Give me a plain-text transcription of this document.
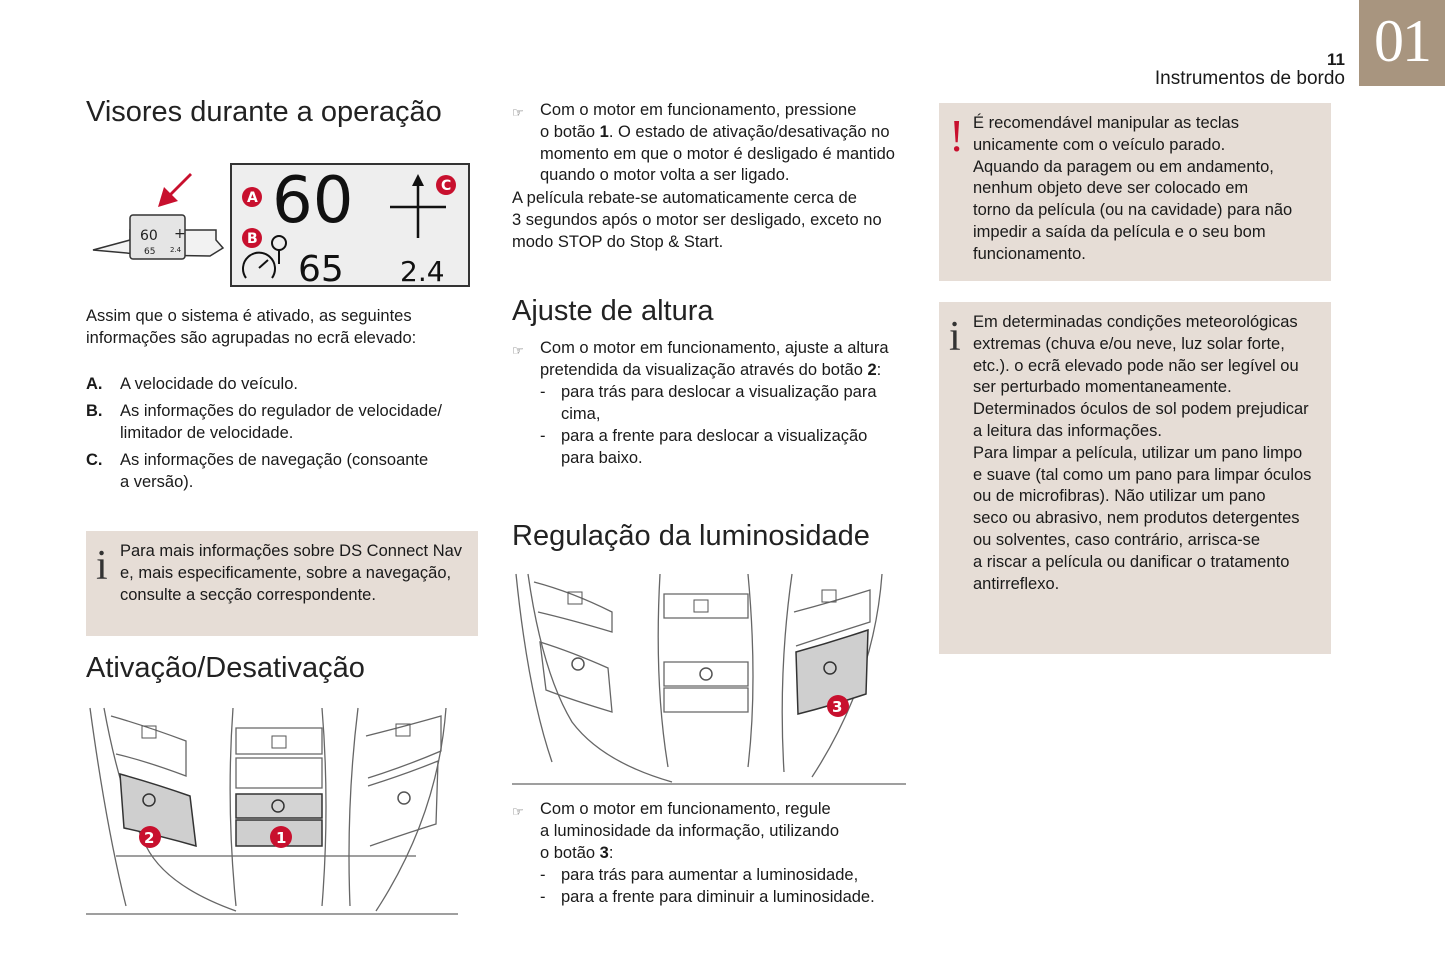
01
11
Instrumentos de bordo
Visores durante a operação
60 +
65 2.4
60
65 2.4
A
B
C
Assim que o sistema é ativado, as seguintes
informações são agrupadas no ecrã elevado:
A. A velocidade do veículo.
B. As informações do regulador de velocidade/
limitador de velocidade.
C. As informações de navegação (consoante
a versão).
i Para mais informações sobre DS Connect Nav
e, mais especificamente, sobre a navegação,
consulte a secção correspondente.
Ativação/Desativação
2	1
☞ Com o motor em funcionamento, pressione
o botão 1. O estado de ativação/desativação no
momento em que o motor é desligado é mantido
quando o motor volta a ser ligado.
A película rebate-se automaticamente cerca de
3 segundos após o motor ser desligado, exceto no
modo STOP do Stop & Start.
Ajuste de altura
☞ Com o motor em funcionamento, ajuste a altura
pretendida da visualização através do botão 2:
- para trás para deslocar a visualização para
cima,
- para a frente para deslocar a visualização
para baixo.
Regulação da luminosidade
3
☞ Com o motor em funcionamento, regule
a luminosidade da informação, utilizando
o botão 3:
- para trás para aumentar a luminosidade,
- para a frente para diminuir a luminosidade.
! É recomendável manipular as teclas
unicamente com o veículo parado.
Aquando da paragem ou em andamento,
nenhum objeto deve ser colocado em
torno da película (ou na cavidade) para não
impedir a saída da película e o seu bom
funcionamento.
i Em determinadas condições meteorológicas
extremas (chuva e/ou neve, luz solar forte,
etc.). o ecrã elevado pode não ser legível ou
ser perturbado momentaneamente.
Determinados óculos de sol podem prejudicar
a leitura das informações.
Para limpar a película, utilizar um pano limpo
e suave (tal como um pano para limpar óculos
ou de microfibras). Não utilizar um pano
seco ou abrasivo, nem produtos detergentes
ou solventes, caso contrário, arrisca-se
a riscar a película ou danificar o tratamento
antirreflexo.
